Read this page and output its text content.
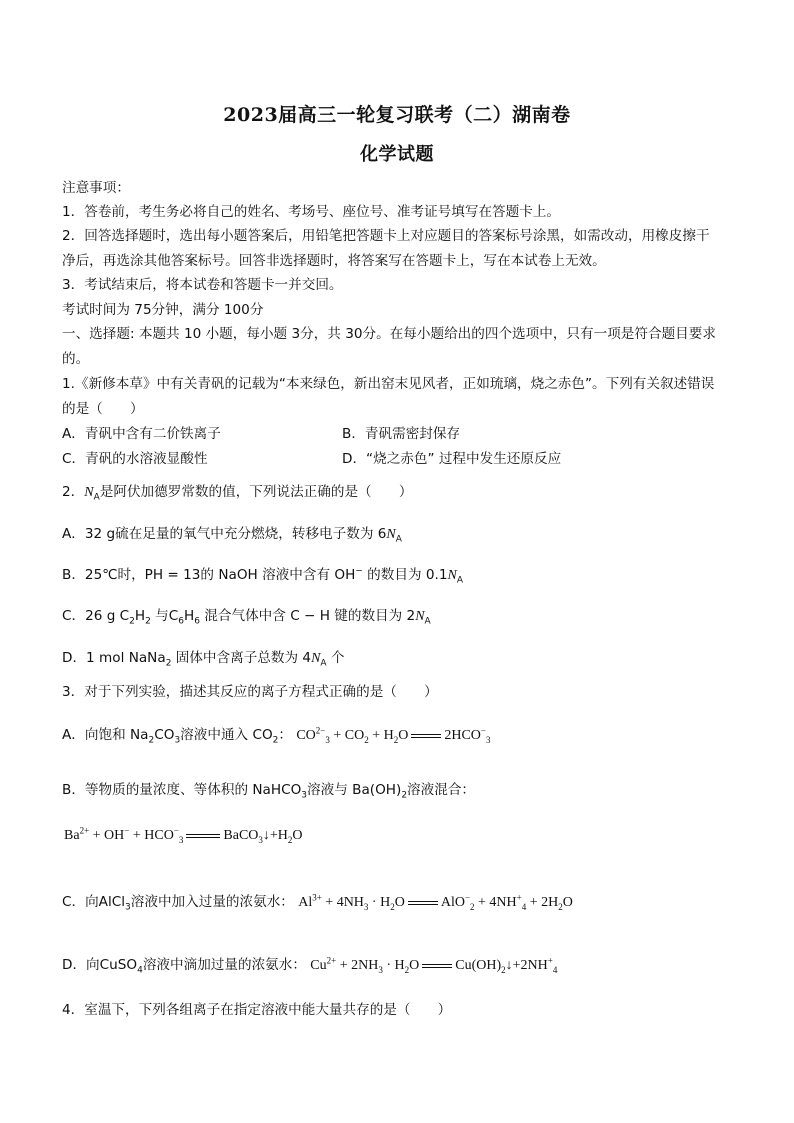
2023届高三一轮复习联考（二）湖南卷
化学试题
注意事项：
1．答卷前，考生务必将自己的姓名、考场号、座位号、准考证号填写在答题卡上。
2．回答选择题时，选出每小题答案后，用铅笔把答题卡上对应题目的答案标号涂黑，如需改动，用橡皮擦干
净后，再选涂其他答案标号。回答非选择题时，将答案写在答题卡上，写在本试卷上无效。
3．考试结束后，将本试卷和答题卡一并交回。
考试时间为 75分钟，满分 100分
一、选择题: 本题共 10 小题，每小题 3分，共 30分。在每小题给出的四个选项中，只有一项是符合题目要求
的。
1.《新修本草》中有关青矾的记载为“本来绿色，新出窑末见风者，正如琉璃，烧之赤色”。下列有关叙述错误
的是（　　）
A．青矾中含有二价铁离子	B．青矾需密封保存
C．青矾的水溶液显酸性	D．“烧之赤色” 过程中发生还原反应
2．$N_A$是阿伏加德罗常数的值，下列说法正确的是（　　）
A．32 g硫在足量的氧气中充分燃烧，转移电子数为 $6N_A$
B．25℃时，PH = 13的 NaOH 溶液中含有 OH− 的数目为 $0.1N_A$
C．26 g $C_2H_2$ 与$C_6H_6$ 混合气体中含 C − H 键的数目为 $2N_A$
D．1 mol NaNa$_2$ 固体中含离子总数为 $4N_A$ 个
3．对于下列实验，描述其反应的离子方程式正确的是（　　）
A．向饱和 $Na_2CO_3$溶液中通入 $CO_2$： $CO^{2-}_3 + CO_2 + H_2O$	$2HCO^-_3$
B．等物质的量浓度、等体积的 NaHCO$_3$溶液与 $Ba(OH)_2$溶液混合：
$Ba^{2+} + OH^- + HCO^-_3$	$BaCO_3↓+H_2O$
C．向AlCl$_3$溶液中加入过量的浓氨水： $Al^{3+} + 4NH_3 \cdot H_2O$	$AlO^-_2 + 4NH^+_4 + 2H_2O$
D．向CuSO$_4$溶液中滴加过量的浓氨水： $Cu^{2+} + 2NH_3 \cdot H_2O$	$Cu(OH)_2↓+2NH^+_4$
4．室温下，下列各组离子在指定溶液中能大量共存的是（　　）
